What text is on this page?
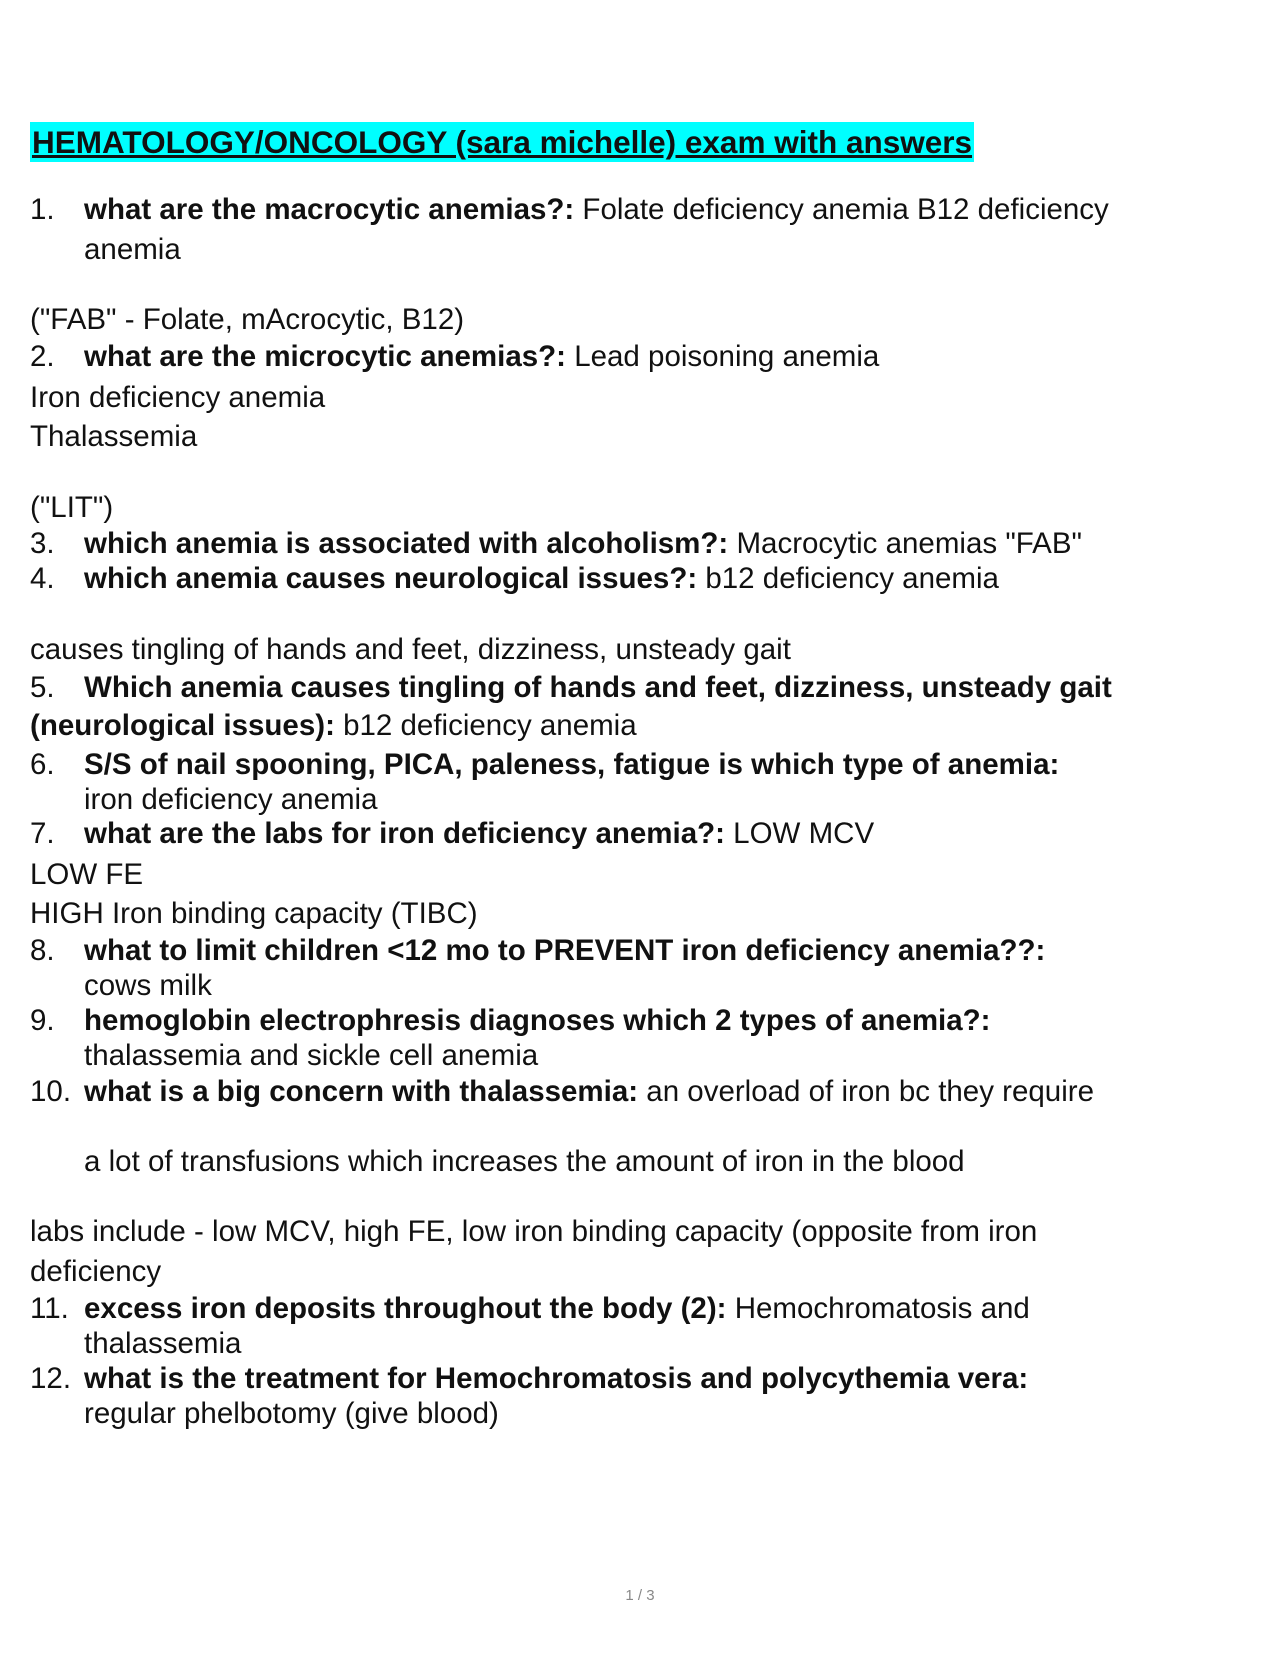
HEMATOLOGY/ONCOLOGY (sara michelle) exam with answers
1. what are the macrocytic anemias?: Folate deficiency anemia B12 deficiency
anemia
("FAB" - Folate, mAcrocytic, B12)
2. what are the microcytic anemias?: Lead poisoning anemia
Iron deficiency anemia
Thalassemia
("LIT")
3. which anemia is associated with alcoholism?: Macrocytic anemias "FAB"
4. which anemia causes neurological issues?: b12 deficiency anemia
causes tingling of hands and feet, dizziness, unsteady gait
5. Which anemia causes tingling of hands and feet, dizziness, unsteady gait
(neurological issues): b12 deficiency anemia
6. S/S of nail spooning, PICA, paleness, fatigue is which type of anemia:
iron deficiency anemia
7. what are the labs for iron deficiency anemia?: LOW MCV
LOW FE
HIGH Iron binding capacity (TIBC)
8. what to limit children <12 mo to PREVENT iron deficiency anemia??:
cows milk
9. hemoglobin electrophresis diagnoses which 2 types of anemia?:
thalassemia and sickle cell anemia
10. what is a big concern with thalassemia: an overload of iron bc they require
a lot of transfusions which increases the amount of iron in the blood
labs include - low MCV, high FE, low iron binding capacity (opposite from iron
deficiency
11. excess iron deposits throughout the body (2): Hemochromatosis and
thalassemia
12. what is the treatment for Hemochromatosis and polycythemia vera:
regular phelbotomy (give blood)
1 / 3
